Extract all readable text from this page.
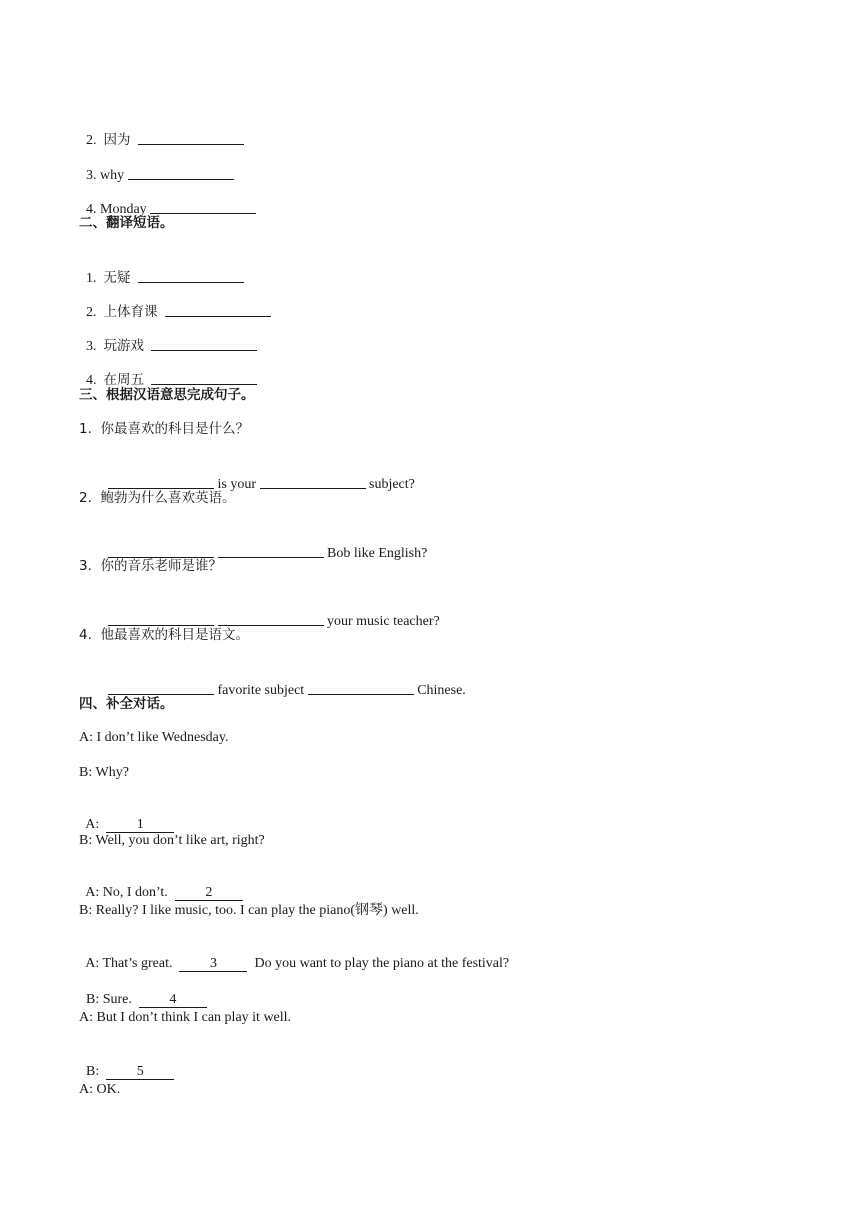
2. 因为

3. why

4. Monday

二、翻译短语。

1. 无疑

2. 上体育课

3. 玩游戏

4. 在周五

三、根据汉语意思完成句子。
1.  你最喜欢的科目是什么？

is your	subject?

2.  鲍勃为什么喜欢英语。

Bob like English?

3.  你的音乐老师是谁？

your music teacher?

4.  他最喜欢的科目是语文。

favorite subject	Chinese.

四、补全对话。
A: I don’t like Wednesday.
B: Why?

A:	1

B: Well, you don’t like art, right?

A: No, I don’t.	2

B: Really? I like music, too. I can play the piano(钢琴) well.

A: That’s great.	3	Do you want to play the piano at the festival?

B: Sure.	4

A: But I don’t think I can play it well.

B:	5

A: OK.
